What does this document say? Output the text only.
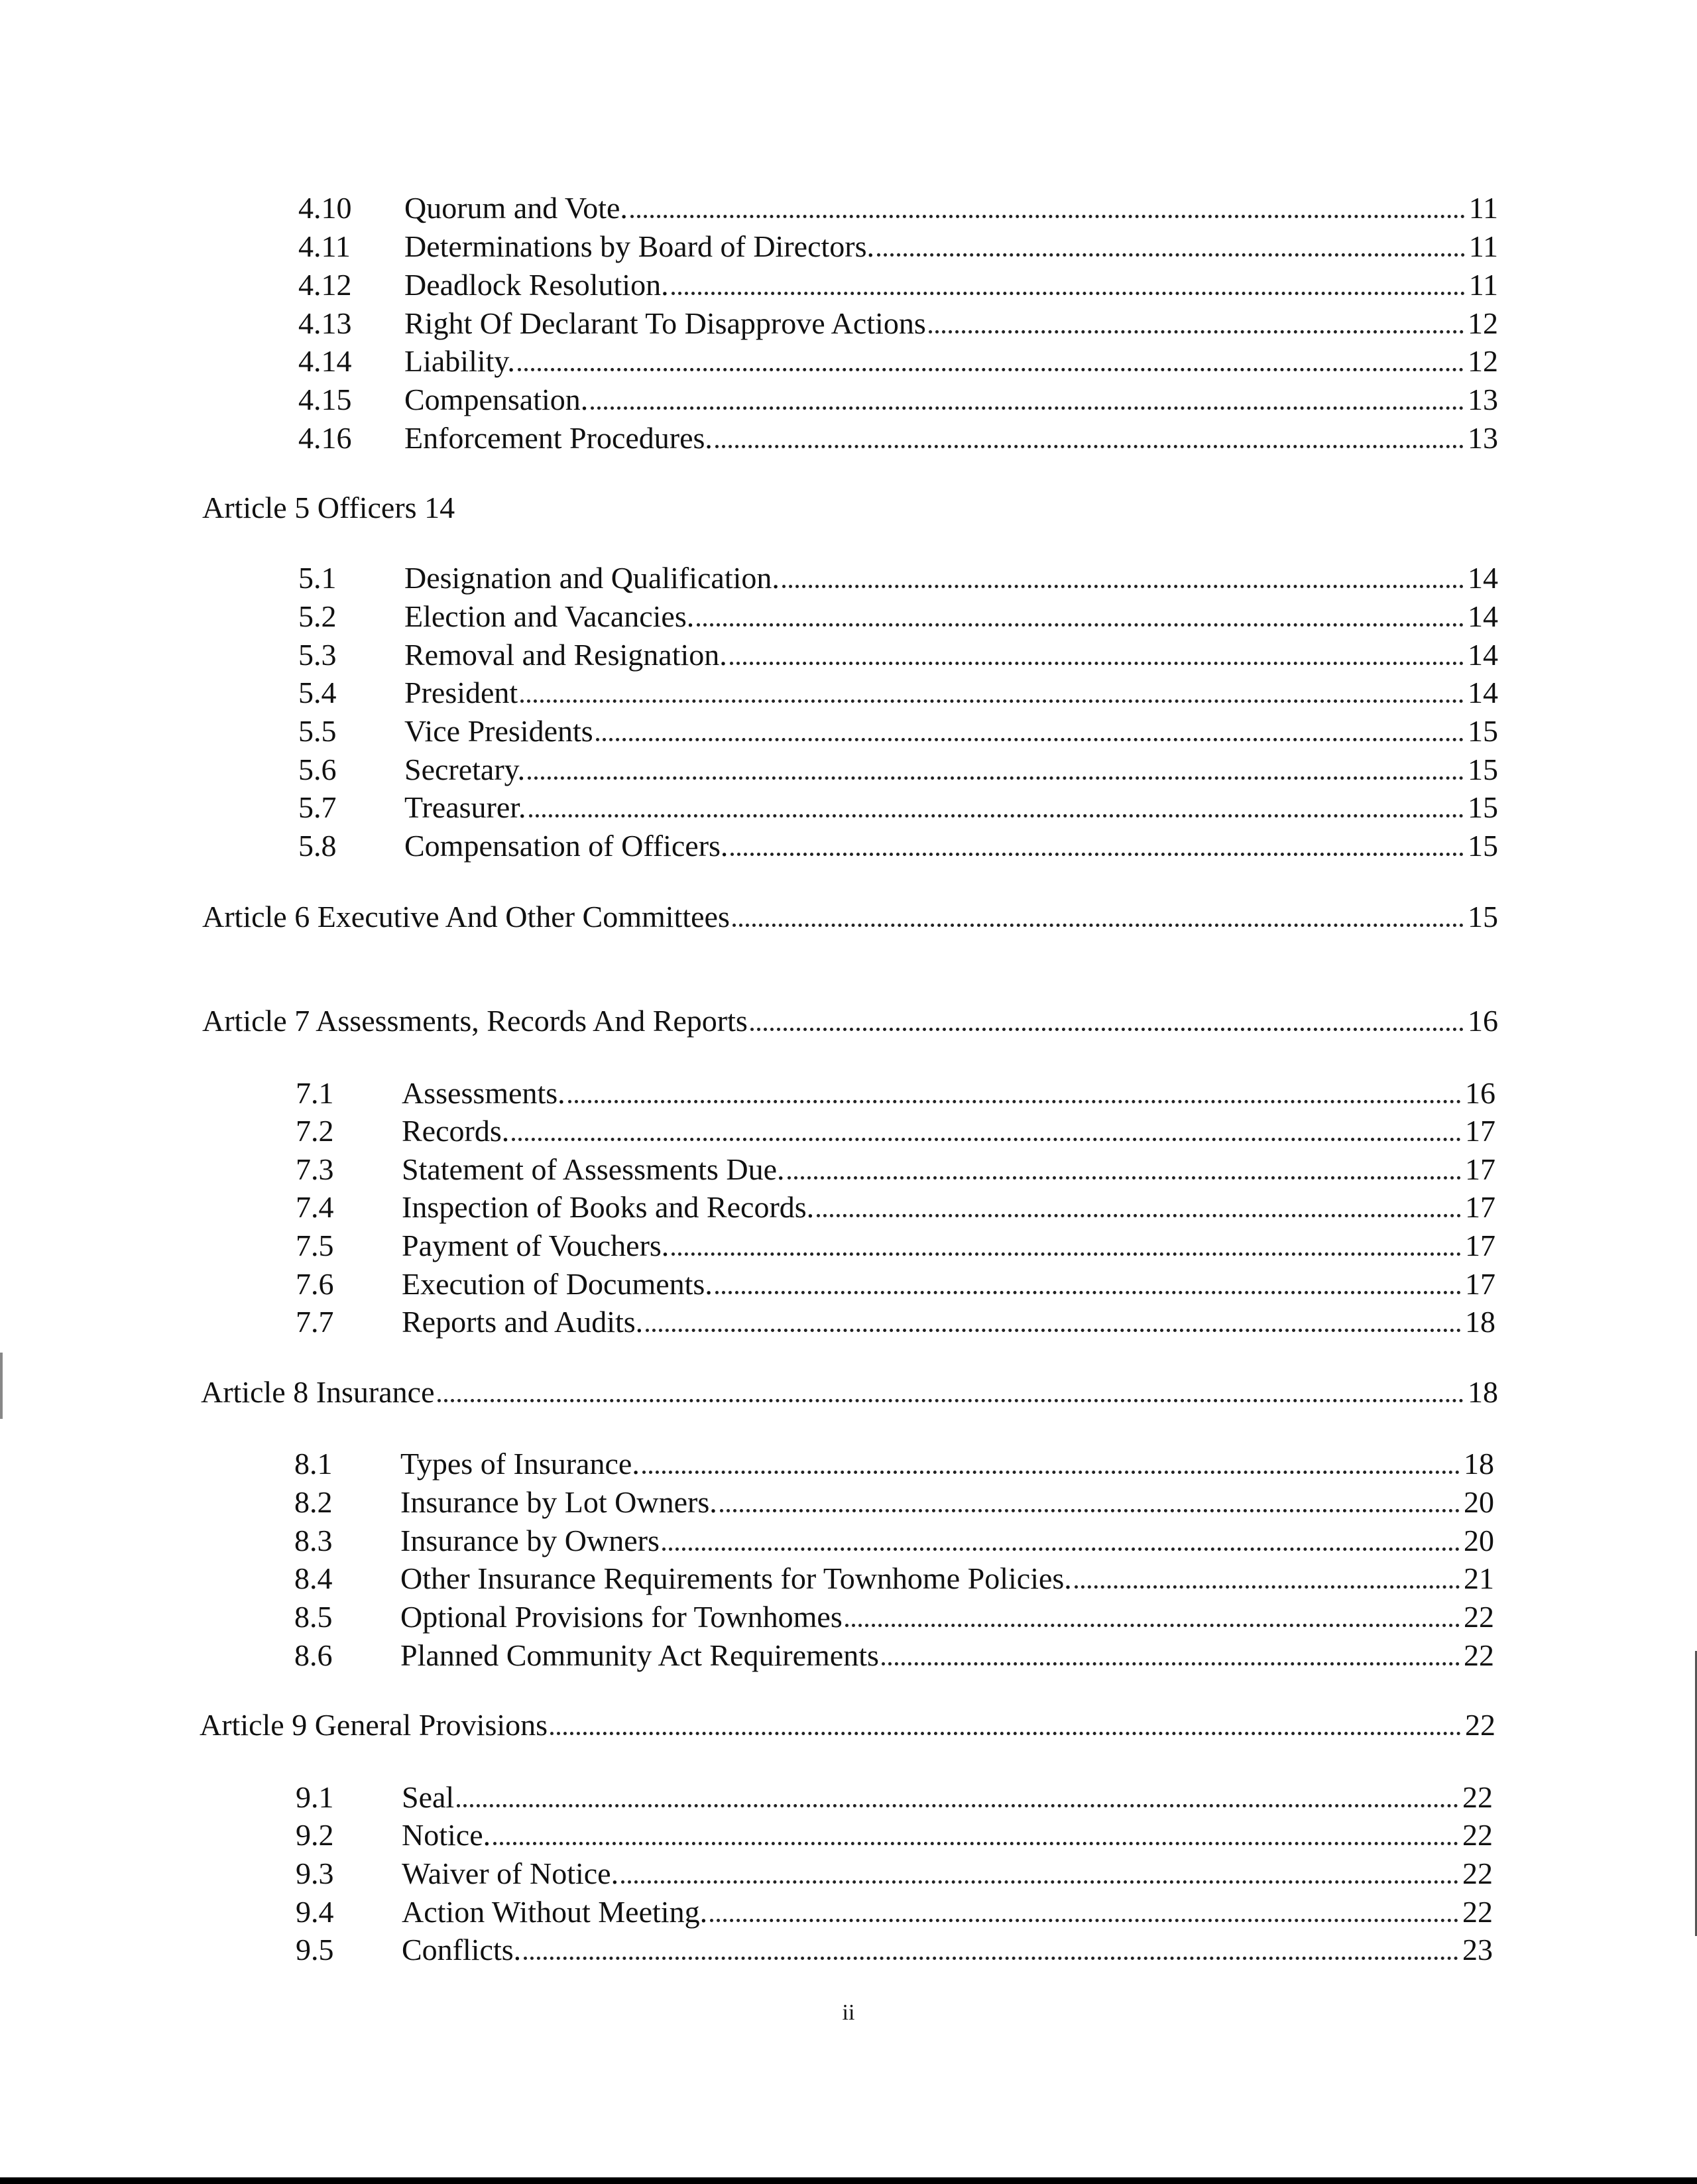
4.10	Quorum and Vote.	11
4.11	Determinations by Board of Directors.	11
4.12	Deadlock Resolution.	11
4.13	Right Of Declarant To Disapprove Actions	12
4.14	Liability.	12
4.15	Compensation.	13
4.16	Enforcement Procedures.	13
Article 5 Officers 14
5.1	Designation and Qualification.	14
5.2	Election and Vacancies.	14
5.3	Removal and Resignation.	14
5.4	President	14
5.5	Vice Presidents	15
5.6	Secretary.	15
5.7	Treasurer.	15
5.8	Compensation of Officers.	15
Article 6 Executive And Other Committees	15
Article 7 Assessments, Records And Reports	16
7.1	Assessments.	16
7.2	Records.	17
7.3	Statement of Assessments Due.	17
7.4	Inspection of Books and Records.	17
7.5	Payment of Vouchers.	17
7.6	Execution of Documents.	17
7.7	Reports and Audits.	18
Article 8 Insurance	18
8.1	Types of Insurance.	18
8.2	Insurance by Lot Owners.	20
8.3	Insurance by Owners	20
8.4	Other Insurance Requirements for Townhome Policies.	21
8.5	Optional Provisions for Townhomes	22
8.6	Planned Community Act Requirements	22
Article 9 General Provisions	22
9.1	Seal	22
9.2	Notice.	22
9.3	Waiver of Notice.	22
9.4	Action Without Meeting.	22
9.5	Conflicts.	23
ii
